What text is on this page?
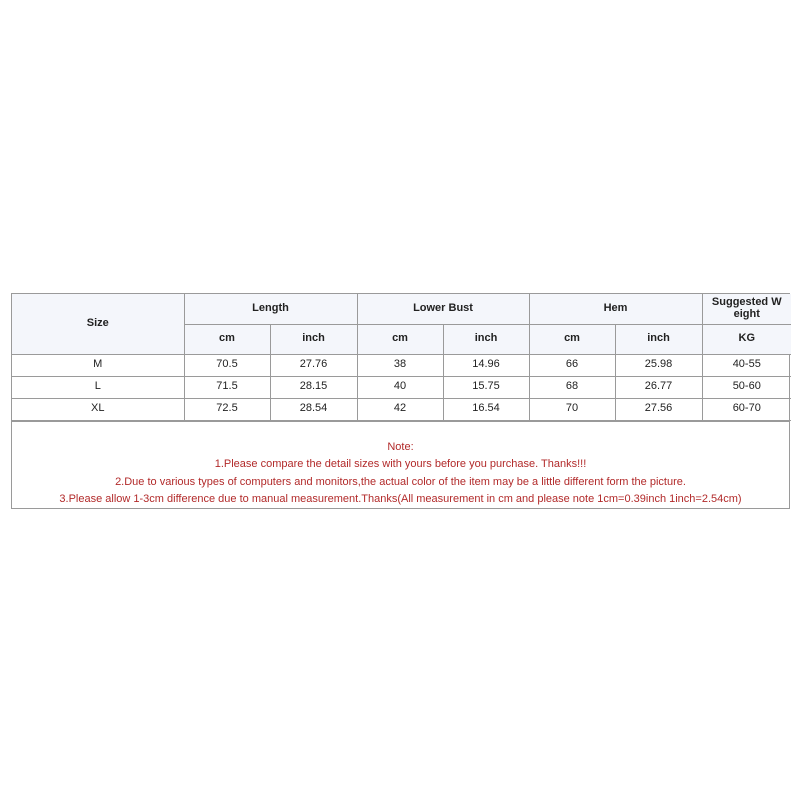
Size	Length		Lower Bust		Hem		Suggested W eight
	cm	inch	cm	inch	cm	inch	KG
M	70.5	27.76	38	14.96	66	25.98	40-55
L	71.5	28.15	40	15.75	68	26.77	50-60
XL	72.5	28.54	42	16.54	70	27.56	60-70
Note:
1.Please compare the detail sizes with yours before you purchase. Thanks!!!
2.Due to various types of computers and monitors,the actual color of the item may be a little different form the picture.
3.Please allow 1-3cm difference due to manual measurement.Thanks(All measurement in cm and please note 1cm=0.39inch 1inch=2.54cm)
